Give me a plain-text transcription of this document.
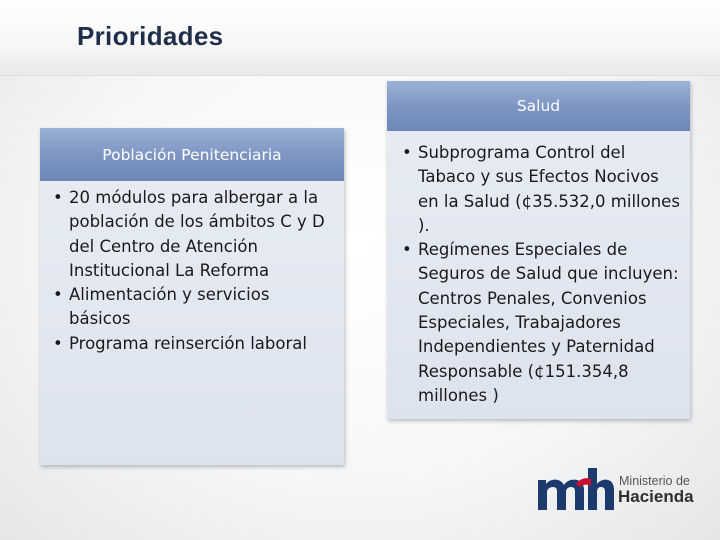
Prioridades
Población Penitenciaria
• 20 módulos para albergar a la población de los ámbitos C y D del Centro de Atención Institucional La Reforma
• Alimentación y servicios básicos
• Programa reinserción laboral
Salud
• Subprograma Control del Tabaco y sus Efectos Nocivos en la Salud (¢35.532,0 millones ).
• Regímenes Especiales de Seguros de Salud que incluyen: Centros Penales, Convenios Especiales, Trabajadores Independientes y Paternidad Responsable (¢151.354,8 millones )
Ministerio de
Hacienda
